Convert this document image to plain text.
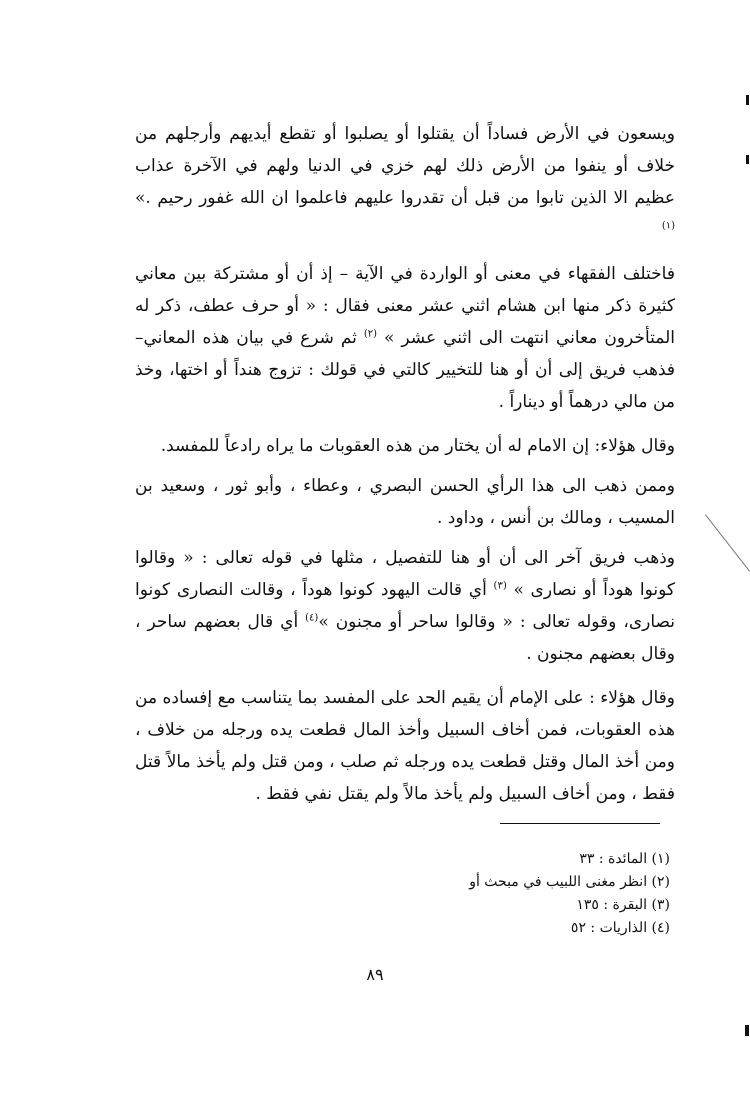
ويسعون في الأرض فساداً أن يقتلوا أو يصلبوا أو تقطع أيديهم وأرجلهم من خلاف أو ينفوا من الأرض ذلك لهم خزي في الدنيا ولهم في الآخرة عذاب عظيم الا الذين تابوا من قبل أن تقدروا عليهم فاعلموا ان الله غفور رحيم .» $^{(١)}$

فاختلف الفقهاء في معنى أو الواردة في الآية – إذ أن أو مشتركة بين معاني كثيرة ذكر منها ابن هشام اثني عشر معنى فقال : « أو حرف عطف، ذكر له المتأخرون معاني انتهت الى اثني عشر » $^{(٢)}$ ثم شرع في بيان هذه المعاني– فذهب فريق إلى أن أو هنا للتخيير كالتي في قولك : تزوج هنداً أو اختها، وخذ من مالي درهماً أو ديناراً .

وقال هؤلاء: إن الامام له أن يختار من هذه العقوبات ما يراه رادعاً للمفسد.

وممن ذهب الى هذا الرأي الحسن البصري ، وعطاء ، وأبو ثور ، وسعيد بن المسيب ، ومالك بن أنس ، وداود .

وذهب فريق آخر الى أن أو هنا للتفصيل ، مثلها في قوله تعالى : « وقالوا كونوا هوداً أو نصارى » $^{(٣)}$ أي قالت اليهود كونوا هوداً ، وقالت النصارى كونوا نصارى، وقوله تعالى : « وقالوا ساحر أو مجنون »$^{(٤)}$ أي قال بعضهم ساحر ، وقال بعضهم مجنون .

وقال هؤلاء : على الإمام أن يقيم الحد على المفسد بما يتناسب مع إفساده من هذه العقوبات، فمن أخاف السبيل وأخذ المال قطعت يده ورجله من خلاف ، ومن أخذ المال وقتل قطعت يده ورجله ثم صلب ، ومن قتل ولم يأخذ مالاً قتل فقط ، ومن أخاف السبيل ولم يأخذ مالاً ولم يقتل نفي فقط .

(١) المائدة : ٣٣
(٢) انظر مغنى اللبيب في مبحث أو
(٣) البقرة : ١٣٥
(٤) الذاريات : ٥٢
٨٩
